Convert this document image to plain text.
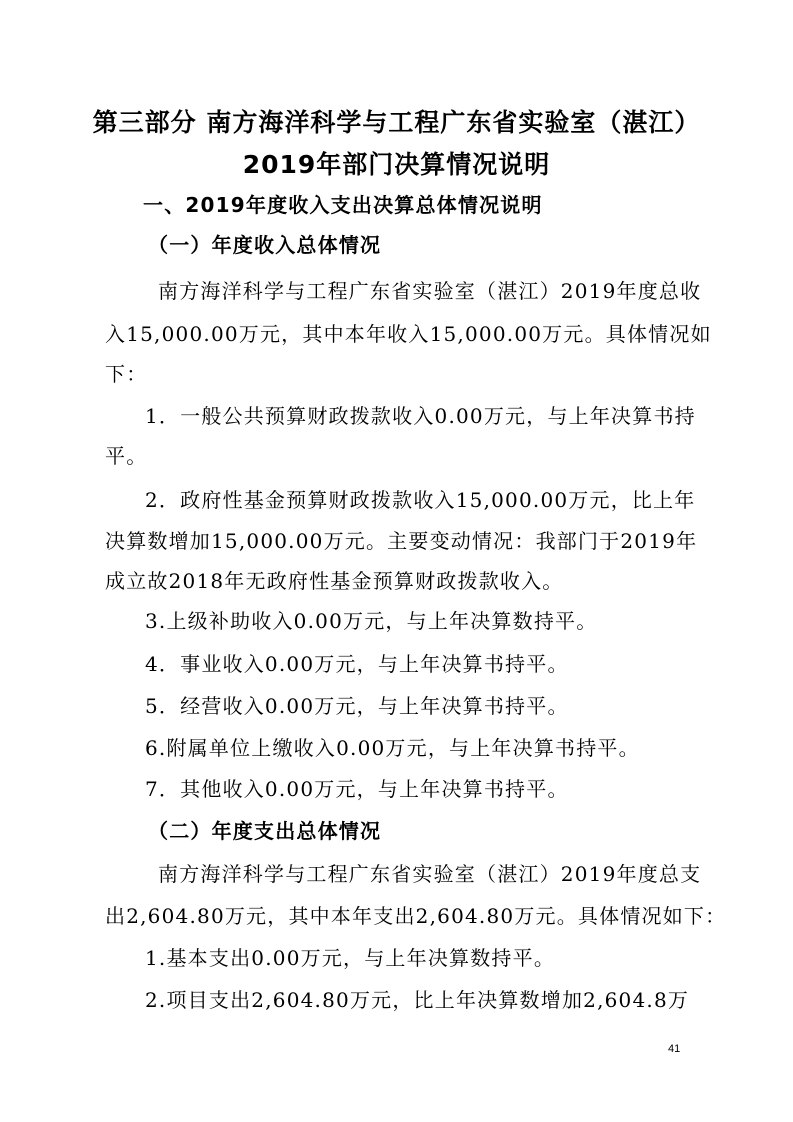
第三部分 南方海洋科学与工程广东省实验室（湛江）
2019年部门决算情况说明
一、2019年度收入支出决算总体情况说明
（一）年度收入总体情况
南方海洋科学与工程广东省实验室（湛江）2019年度总收
入15,000.00万元，其中本年收入15,000.00万元。具体情况如
下：
1．一般公共预算财政拨款收入0.00万元，与上年决算书持
平。
2．政府性基金预算财政拨款收入15,000.00万元，比上年
决算数增加15,000.00万元。主要变动情况：我部门于2019年
成立故2018年无政府性基金预算财政拨款收入。
3.上级补助收入0.00万元，与上年决算数持平。
4．事业收入0.00万元，与上年决算书持平。
5．经营收入0.00万元，与上年决算书持平。
6.附属单位上缴收入0.00万元，与上年决算书持平。
7．其他收入0.00万元，与上年决算书持平。
（二）年度支出总体情况
南方海洋科学与工程广东省实验室（湛江）2019年度总支
出2,604.80万元，其中本年支出2,604.80万元。具体情况如下：
1.基本支出0.00万元，与上年决算数持平。
2.项目支出2,604.80万元，比上年决算数增加2,604.8万
41
